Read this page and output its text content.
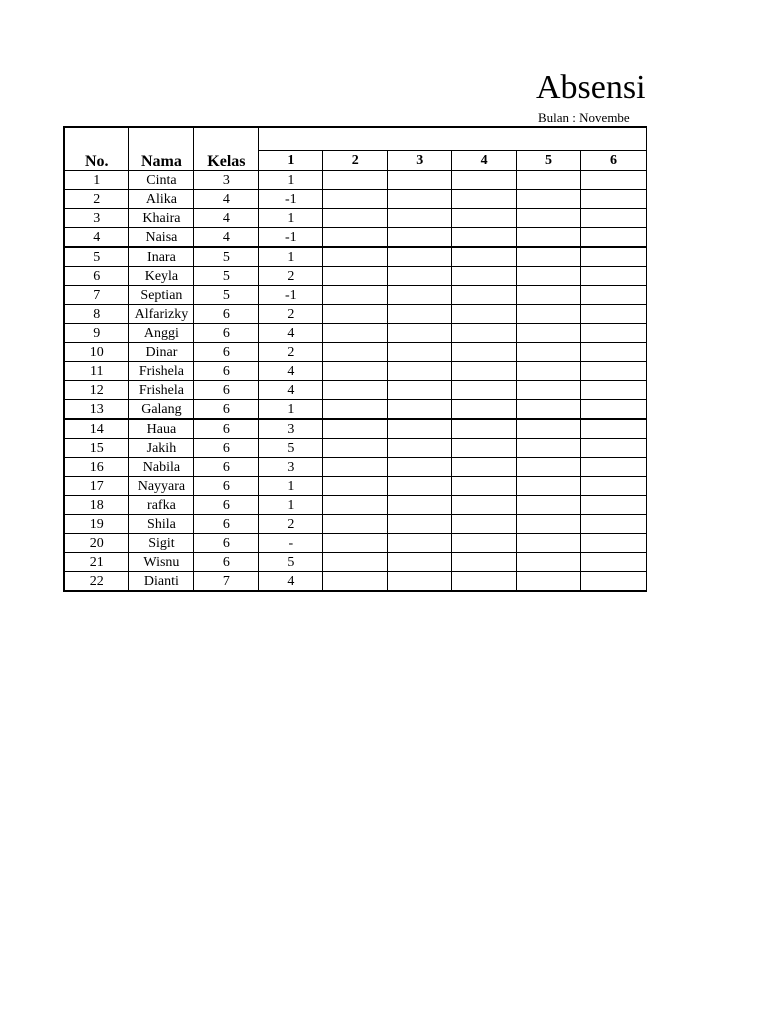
Absensi
Bulan : Novembe

No.	Nama	Kelas	1	2	3	4	5	6
1	Cinta	3	1					
2	Alika	4	-1					
3	Khaira	4	1					
4	Naisa	4	-1					
5	Inara	5	1					
6	Keyla	5	2					
7	Septian	5	-1					
8	Alfarizky	6	2					
9	Anggi	6	4					
10	Dinar	6	2					
11	Frishela	6	4					
12	Frishela	6	4					
13	Galang	6	1					
14	Haua	6	3					
15	Jakih	6	5					
16	Nabila	6	3					
17	Nayyara	6	1					
18	rafka	6	1					
19	Shila	6	2					
20	Sigit	6	-					
21	Wisnu	6	5					
22	Dianti	7	4					
